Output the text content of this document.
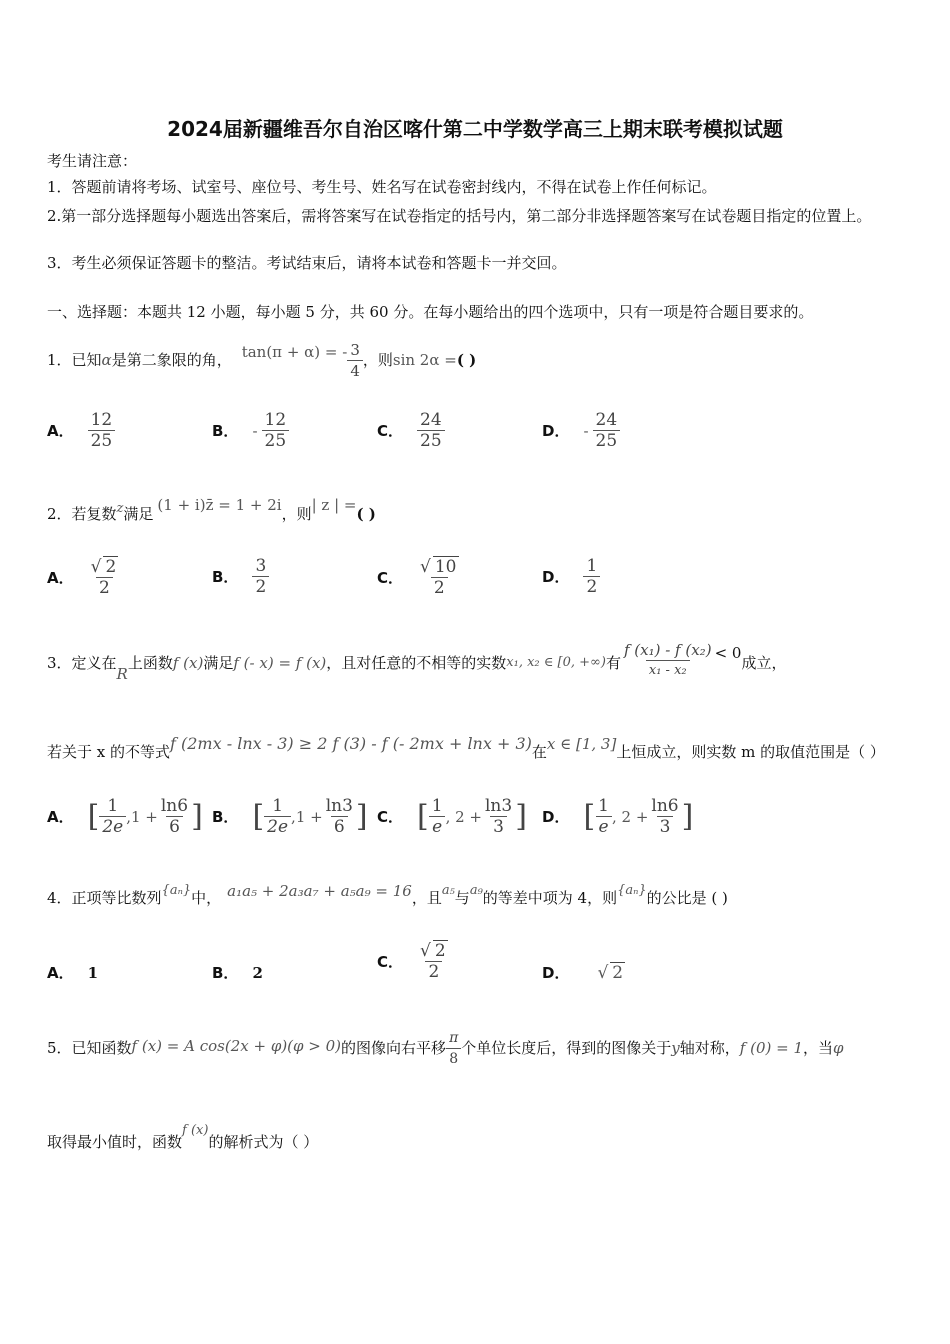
2024届新疆维吾尔自治区喀什第二中学数学高三上期末联考模拟试题
考生请注意：
1．答题前请将考场、试室号、座位号、考生号、姓名写在试卷密封线内，不得在试卷上作任何标记。
2.第一部分选择题每小题选出答案后，需将答案写在试卷指定的括号内，第二部分非选择题答案写在试卷题目指定的位置上。
3．考生必须保证答题卡的整洁。考试结束后，请将本试卷和答题卡一并交回。
一、选择题：本题共 12 小题，每小题 5 分，共 60 分。在每小题给出的四个选项中，只有一项是符合题目要求的。
1．已知 α 是第二象限的角， tan(π + α) = - $\frac{3}{4}$ ，则 sin 2α = ( )
A． $\frac{12}{25}$	B． - $\frac{12}{25}$	C． $\frac{24}{25}$	D． - $\frac{24}{25}$
2．若复数 z 满足 (1 + i)z̄ = 1 + 2i ，则 | z | = ( )
A． $\frac{√ 2}{2}$	B． $\frac{3}{2}$	C． $\frac{√ 10}{2}$	D． $\frac{1}{2}$
3．定义在
R
上函数 f (x) 满足 f (- x) = f (x) ，且对任意的不相等的实数 x₁, x₂ ∈ [0, +∞) 有 $\frac{\text{f (x₁) - f (x₂)}}{\text{x₁ - x₂}} < 0$
成立，
若关于 x 的不等式 f (2mx - lnx - 3) ≥ 2 f (3) - f (- 2mx + lnx + 3) 在 x ∈ [1, 3] 上恒成立，则实数 m 的取值范围是（ ）
A． [ $\frac{1}{2e} ,1 + \frac{\ln 6}{6}$ ] B． [ $\frac{1}{2e} ,1 + \frac{\ln 3}{6}$ ] C． [ $\frac{1}{e}$ , $2 + \frac{\ln 3}{3}$ ] D． [ $\frac{1}{e}$ , $2 + \frac{\ln 6}{3}$ ]
4．正项等比数列 {aₙ} 中， a₁a₅ + 2a₃a₇ + a₅a₉ = 16 ，且 a₅ 与 a₉ 的等差中项为 4，则 {aₙ} 的公比是 ( )
A． 1	B． 2
C． $\frac{√ 2}{2}$	D． √ 2
5．已知函数 f (x) = A cos(2x + φ)(φ > 0) 的图像向右平移 $\frac{\pi}{8}$ 个单位长度后，得到的图像关于 y 轴对称， f (0) = 1 ，当 φ
取得最小值时，函数
f (x)
的解析式为（ ）
